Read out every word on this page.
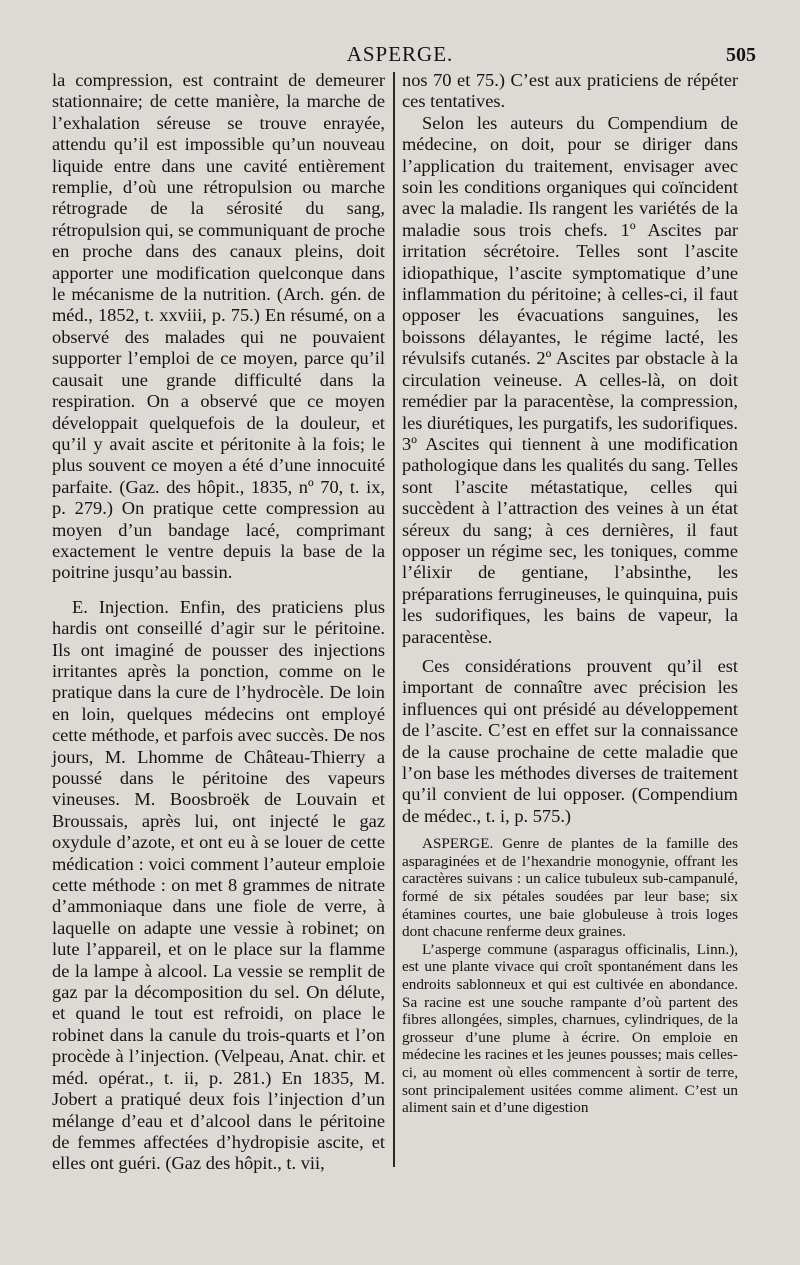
ASPERGE.	505

la compression, est contraint de demeurer stationnaire; de cette manière, la marche de l’exhalation séreuse se trouve enrayée, attendu qu’il est impossible qu’un nouveau liquide entre dans une cavité entièrement remplie, d’où une rétropulsion ou marche rétrograde de la sérosité du sang, rétropulsion qui, se communiquant de proche en proche dans des canaux pleins, doit apporter une modification quelconque dans le mécanisme de la nutrition. (Arch. gén. de méd., 1852, t. xxviii, p. 75.) En résumé, on a observé des malades qui ne pouvaient supporter l’emploi de ce moyen, parce qu’il causait une grande difficulté dans la respiration. On a observé que ce moyen développait quelquefois de la douleur, et qu’il y avait ascite et péritonite à la fois; le plus souvent ce moyen a été d’une innocuité parfaite. (Gaz. des hôpit., 1835, nº 70, t. ix, p. 279.) On pratique cette compression au moyen d’un bandage lacé, comprimant exactement le ventre depuis la base de la poitrine jusqu’au bassin.

E. Injection. Enfin, des praticiens plus hardis ont conseillé d’agir sur le péritoine. Ils ont imaginé de pousser des injections irritantes après la ponction, comme on le pratique dans la cure de l’hydrocèle. De loin en loin, quelques médecins ont employé cette méthode, et parfois avec succès. De nos jours, M. Lhomme de Château-Thierry a poussé dans le péritoine des vapeurs vineuses. M. Boosbroëk de Louvain et Broussais, après lui, ont injecté le gaz oxydule d’azote, et ont eu à se louer de cette médication : voici comment l’auteur emploie cette méthode : on met 8 grammes de nitrate d’ammoniaque dans une fiole de verre, à laquelle on adapte une vessie à robinet; on lute l’appareil, et on le place sur la flamme de la lampe à alcool. La vessie se remplit de gaz par la décomposition du sel. On délute, et quand le tout est refroidi, on place le robinet dans la canule du trois-quarts et l’on procède à l’injection. (Velpeau, Anat. chir. et méd. opérat., t. ii, p. 281.) En 1835, M. Jobert a pratiqué deux fois l’injection d’un mélange d’eau et d’alcool dans le péritoine de femmes affectées d’hydropisie ascite, et elles ont guéri. (Gaz des hôpit., t. vii,

nos 70 et 75.) C’est aux praticiens de répéter ces tentatives.

Selon les auteurs du Compendium de médecine, on doit, pour se diriger dans l’application du traitement, envisager avec soin les conditions organiques qui coïncident avec la maladie. Ils rangent les variétés de la maladie sous trois chefs. 1º Ascites par irritation sécrétoire. Telles sont l’ascite idiopathique, l’ascite symptomatique d’une inflammation du péritoine; à celles-ci, il faut opposer les évacuations sanguines, les boissons délayantes, le régime lacté, les révulsifs cutanés. 2º Ascites par obstacle à la circulation veineuse. A celles-là, on doit remédier par la paracentèse, la compression, les diurétiques, les purgatifs, les sudorifiques. 3º Ascites qui tiennent à une modification pathologique dans les qualités du sang. Telles sont l’ascite métastatique, celles qui succèdent à l’attraction des veines à un état séreux du sang; à ces dernières, il faut opposer un régime sec, les toniques, comme l’élixir de gentiane, l’absinthe, les préparations ferrugineuses, le quinquina, puis les sudorifiques, les bains de vapeur, la paracentèse.

Ces considérations prouvent qu’il est important de connaître avec précision les influences qui ont présidé au développement de l’ascite. C’est en effet sur la connaissance de la cause prochaine de cette maladie que l’on base les méthodes diverses de traitement qu’il convient de lui opposer. (Compendium de médec., t. i, p. 575.)

ASPERGE. Genre de plantes de la famille des asparaginées et de l’hexandrie monogynie, offrant les caractères suivans : un calice tubuleux sub-campanulé, formé de six pétales soudées par leur base; six étamines courtes, une baie globuleuse à trois loges dont chacune renferme deux graines.

L’asperge commune (asparagus officinalis, Linn.), est une plante vivace qui croît spontanément dans les endroits sablonneux et qui est cultivée en abondance. Sa racine est une souche rampante d’où partent des fibres allongées, simples, charnues, cylindriques, de la grosseur d’une plume à écrire. On emploie en médecine les racines et les jeunes pousses; mais celles-ci, au moment où elles commencent à sortir de terre, sont principalement usitées comme aliment. C’est un aliment sain et d’une digestion
